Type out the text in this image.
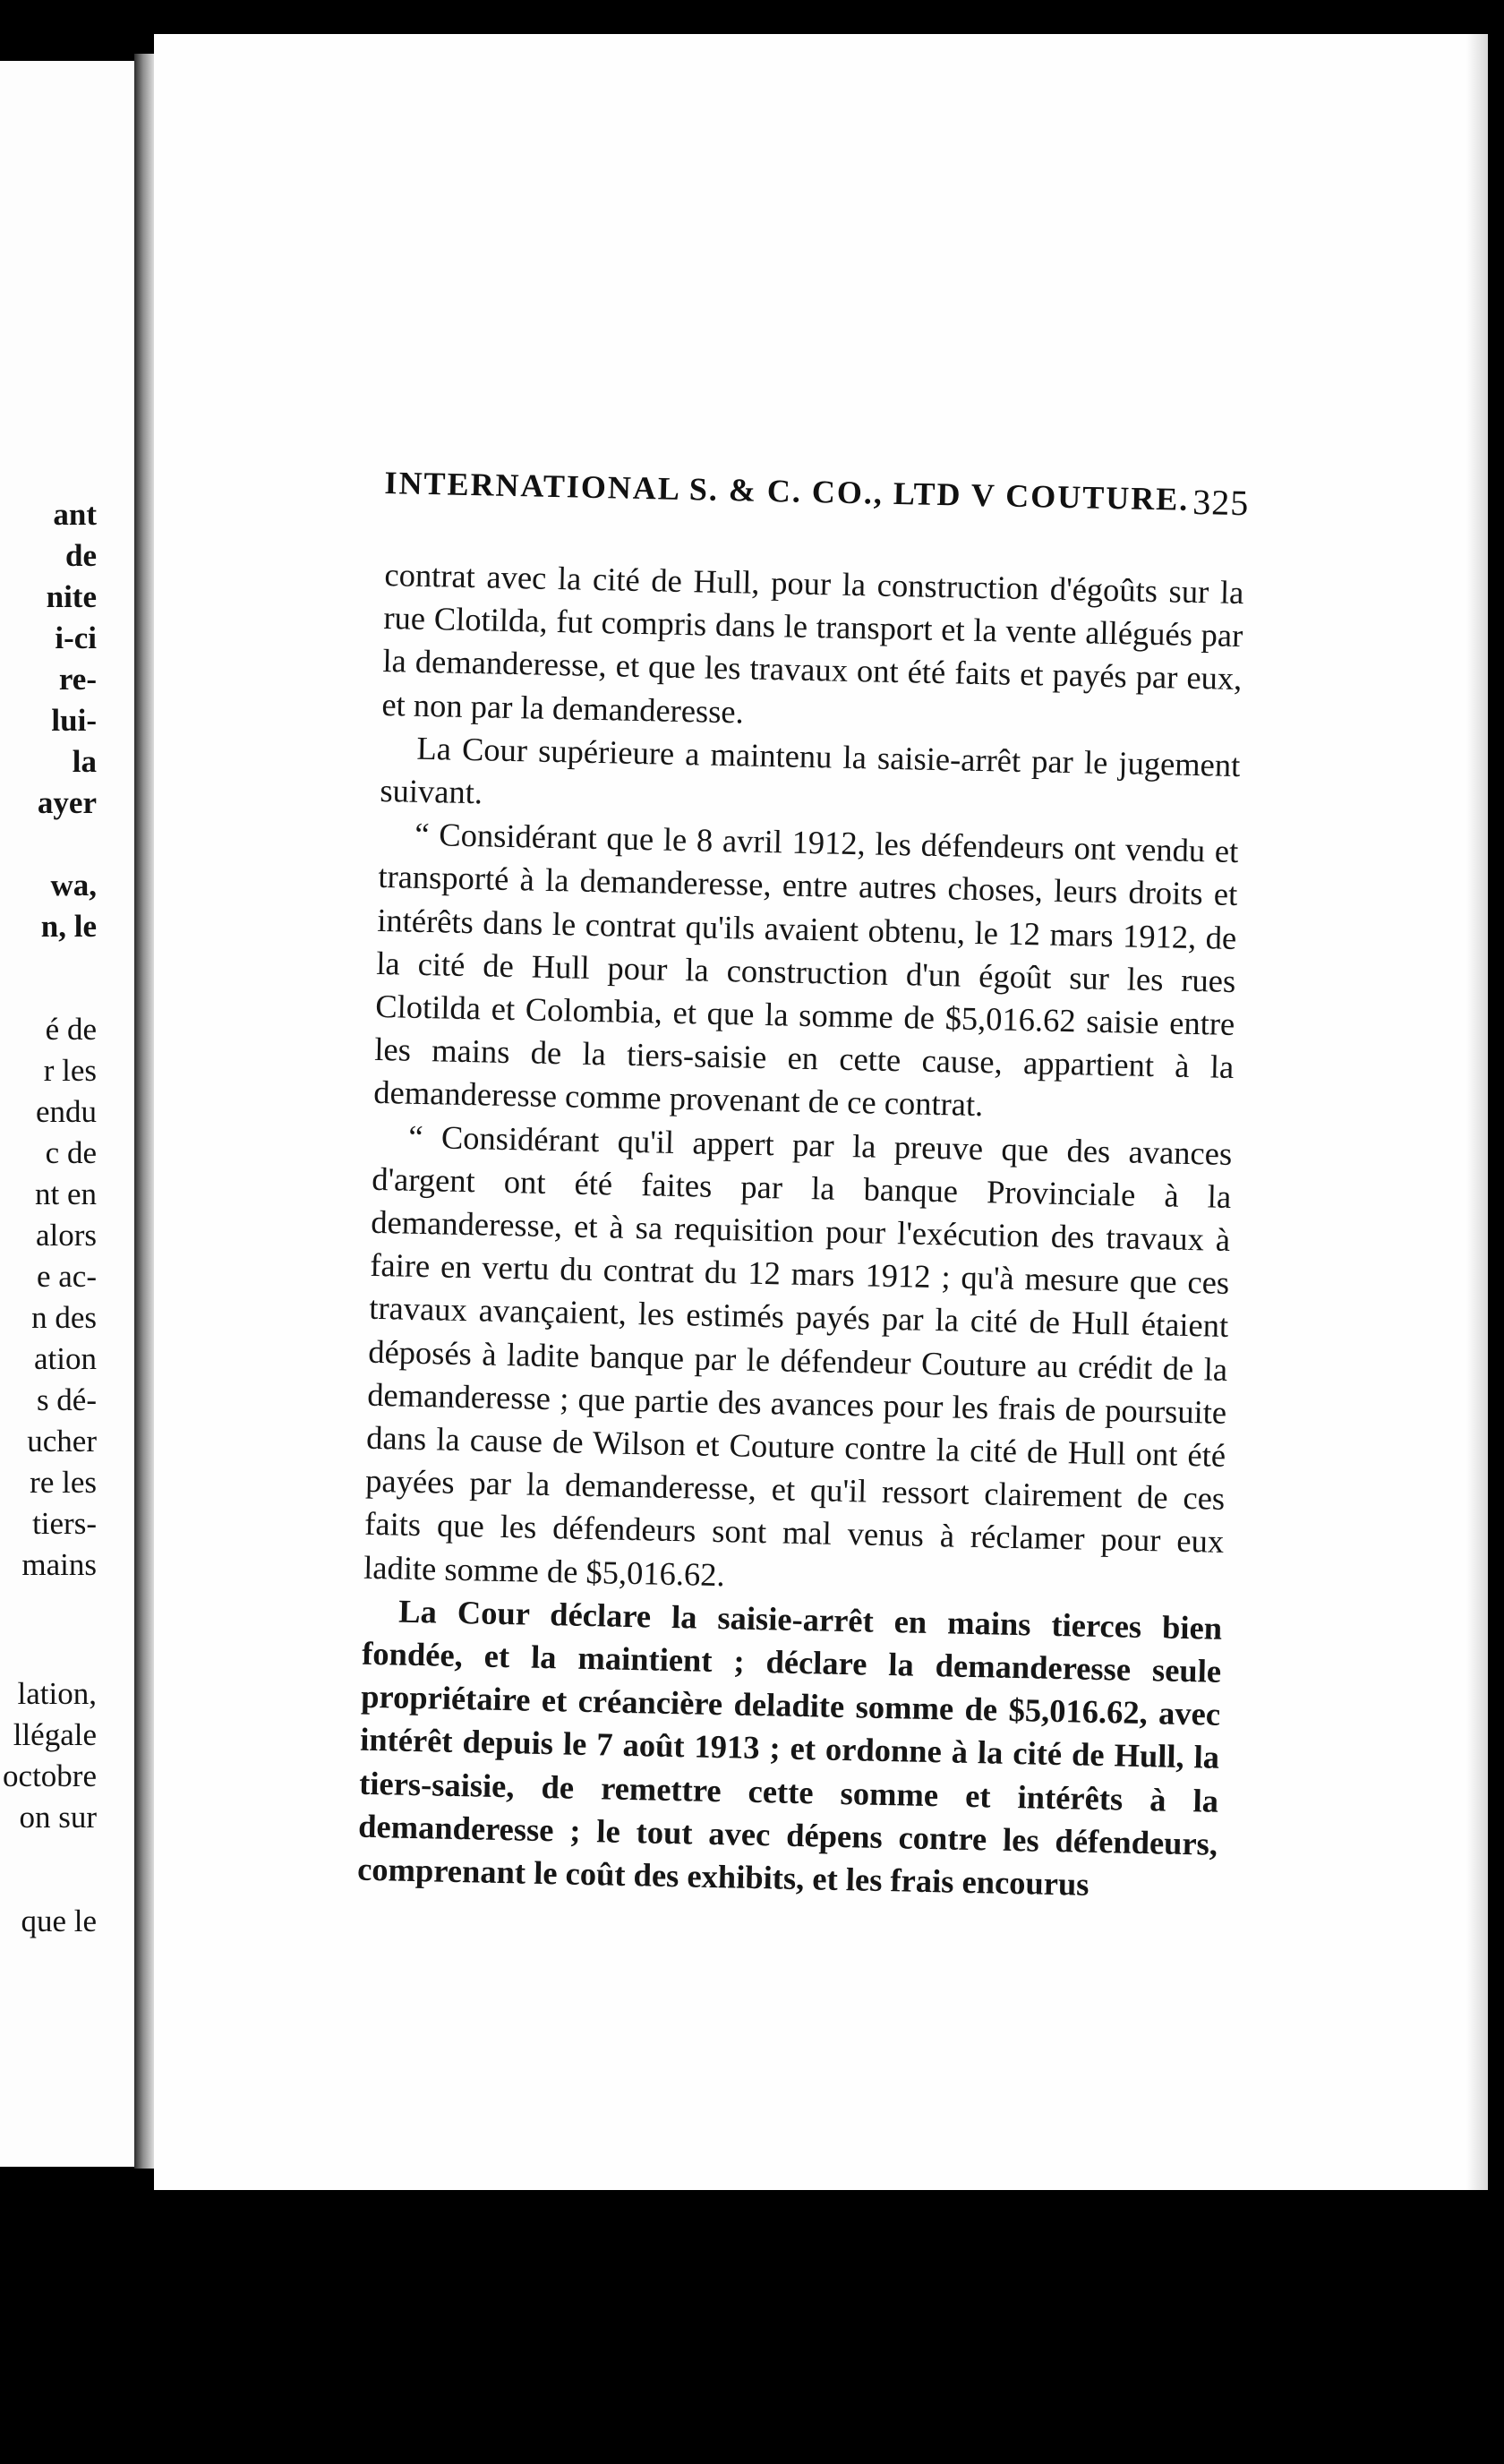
ant
de
nite
i-ci
re-
lui-
la
ayer
wa,
n, le
é de
r les
endu
c de
nt en
alors
e ac-
n des
ation
s dé-
ucher
re les
tiers-
mains
lation,
llégale
octobre
on sur
que le
INTERNATIONAL S. & C. CO., LTD V COUTURE. 325

contrat avec la cité de Hull, pour la construction d'égoûts sur la rue Clotilda, fut compris dans le transport et la vente allégués par la demanderesse, et que les travaux ont été faits et payés par eux, et non par la demanderesse.

La Cour supérieure a maintenu la saisie-arrêt par le jugement suivant.

“ Considérant que le 8 avril 1912, les défendeurs ont vendu et transporté à la demanderesse, entre autres choses, leurs droits et intérêts dans le contrat qu'ils avaient obtenu, le 12 mars 1912, de la cité de Hull pour la construction d'un égoût sur les rues Clotilda et Colombia, et que la somme de $5,016.62 saisie entre les mains de la tiers-saisie en cette cause, appartient à la demanderesse comme provenant de ce contrat.

“ Considérant qu'il appert par la preuve que des avances d'argent ont été faites par la banque Provinciale à la demanderesse, et à sa requisition pour l'exécution des travaux à faire en vertu du contrat du 12 mars 1912 ; qu'à mesure que ces travaux avançaient, les estimés payés par la cité de Hull étaient déposés à ladite banque par le défendeur Couture au crédit de la demanderesse ; que partie des avances pour les frais de poursuite dans la cause de Wilson et Couture contre la cité de Hull ont été payées par la demanderesse, et qu'il ressort clairement de ces faits que les défendeurs sont mal venus à réclamer pour eux ladite somme de $5,016.62.

La Cour déclare la saisie-arrêt en mains tierces bien fondée, et la maintient ; déclare la demanderesse seule propriétaire et créancière deladite somme de $5,016.62, avec intérêt depuis le 7 août 1913 ; et ordonne à la cité de Hull, la tiers-saisie, de remettre cette somme et intérêts à la demanderesse ; le tout avec dépens contre les défendeurs, comprenant le coût des exhibits, et les frais encourus
